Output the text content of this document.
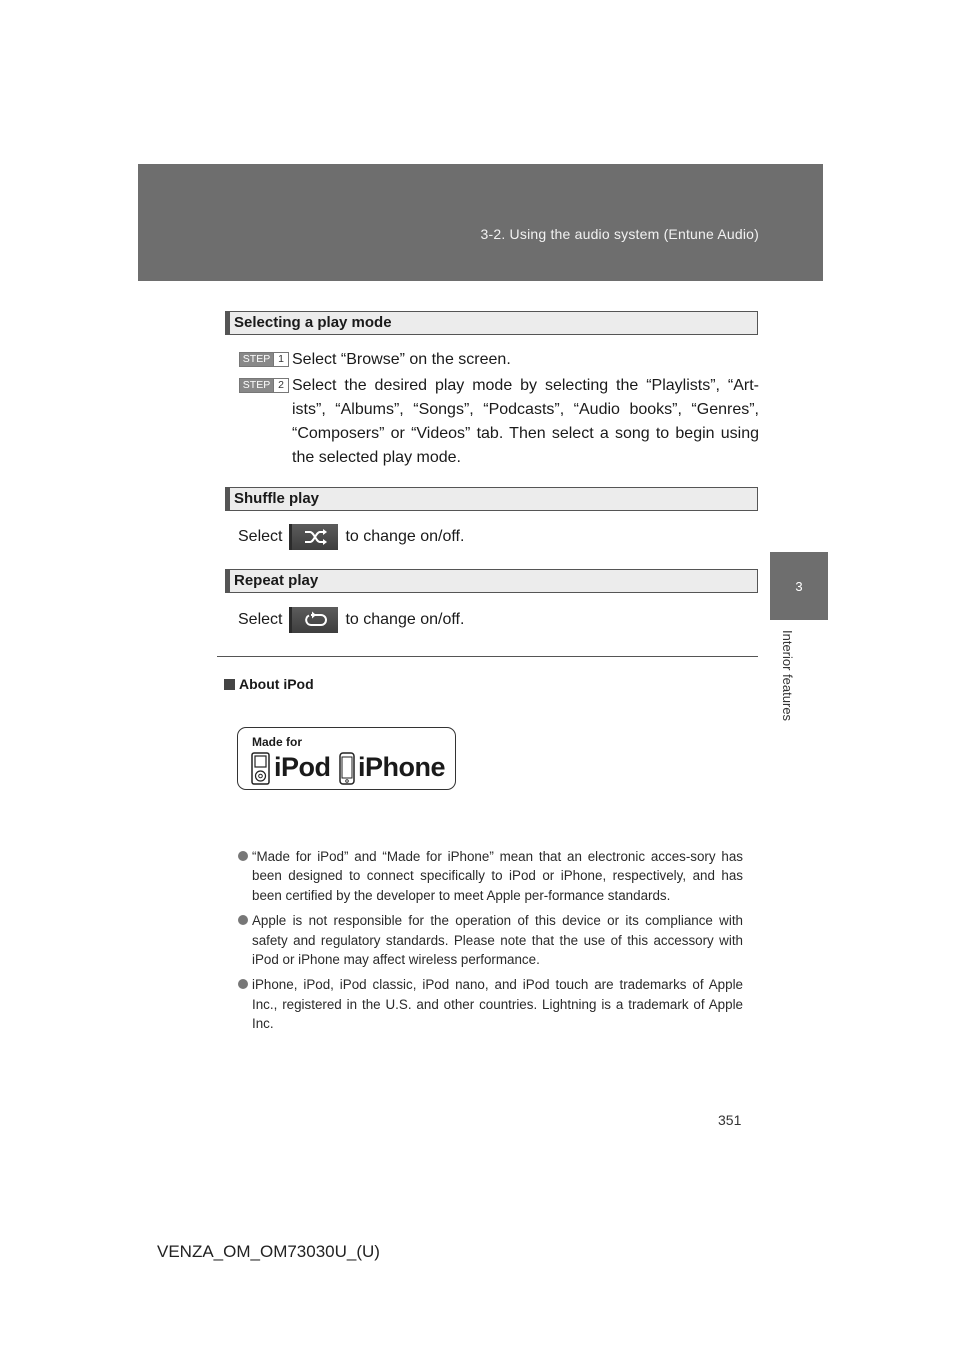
3-2. Using the audio system (Entune Audio)
3
Interior features
Selecting a play mode
STEP 1 Select “Browse” on the screen.
STEP 2 Select the desired play mode by selecting the “Playlists”, “Art-ists”, “Albums”, “Songs”, “Podcasts”, “Audio books”, “Genres”, “Composers” or “Videos” tab. Then select a song to begin using the selected play mode.
Shuffle play
Select	to change on/off.
Repeat play
Select	to change on/off.
About iPod
Made for
iPod iPhone
“Made for iPod” and “Made for iPhone” mean that an electronic acces-sory has been designed to connect specifically to iPod or iPhone, respectively, and has been certified by the developer to meet Apple per-formance standards.
Apple is not responsible for the operation of this device or its compliance with safety and regulatory standards. Please note that the use of this accessory with iPod or iPhone may affect wireless performance.
iPhone, iPod, iPod classic, iPod nano, and iPod touch are trademarks of Apple Inc., registered in the U.S. and other countries. Lightning is a trademark of Apple Inc.
351
VENZA_OM_OM73030U_(U)
